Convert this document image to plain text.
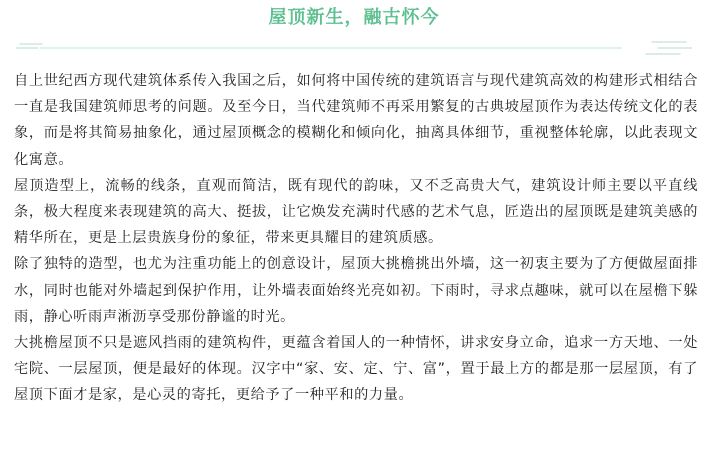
屋顶新生，融古怀今

自上世纪西方现代建筑体系传入我国之后，如何将中国传统的建筑语言与现代建筑高效的构建形式相结合一直是我国建筑师思考的问题。及至今日，当代建筑师不再采用繁复的古典坡屋顶作为表达传统文化的表象，而是将其简易抽象化，通过屋顶概念的模糊化和倾向化，抽离具体细节，重视整体轮廓，以此表现文化寓意。

屋顶造型上，流畅的线条，直观而简洁，既有现代的韵味，又不乏高贵大气，建筑设计师主要以平直线条，极大程度来表现建筑的高大、挺拔，让它焕发充满时代感的艺术气息，匠造出的屋顶既是建筑美感的精华所在，更是上层贵族身份的象征，带来更具耀目的建筑质感。

除了独特的造型，也尤为注重功能上的创意设计，屋顶大挑檐挑出外墙，这一初衷主要为了方便做屋面排水，同时也能对外墙起到保护作用，让外墙表面始终光亮如初。下雨时，寻求点趣味，就可以在屋檐下躲雨，静心听雨声淅沥享受那份静谧的时光。

大挑檐屋顶不只是遮风挡雨的建筑构件，更蕴含着国人的一种情怀，讲求安身立命，追求一方天地、一处宅院、一层屋顶，便是最好的体现。汉字中“家、安、定、宁、富”，置于最上方的都是那一层屋顶，有了屋顶下面才是家，是心灵的寄托，更给予了一种平和的力量。
